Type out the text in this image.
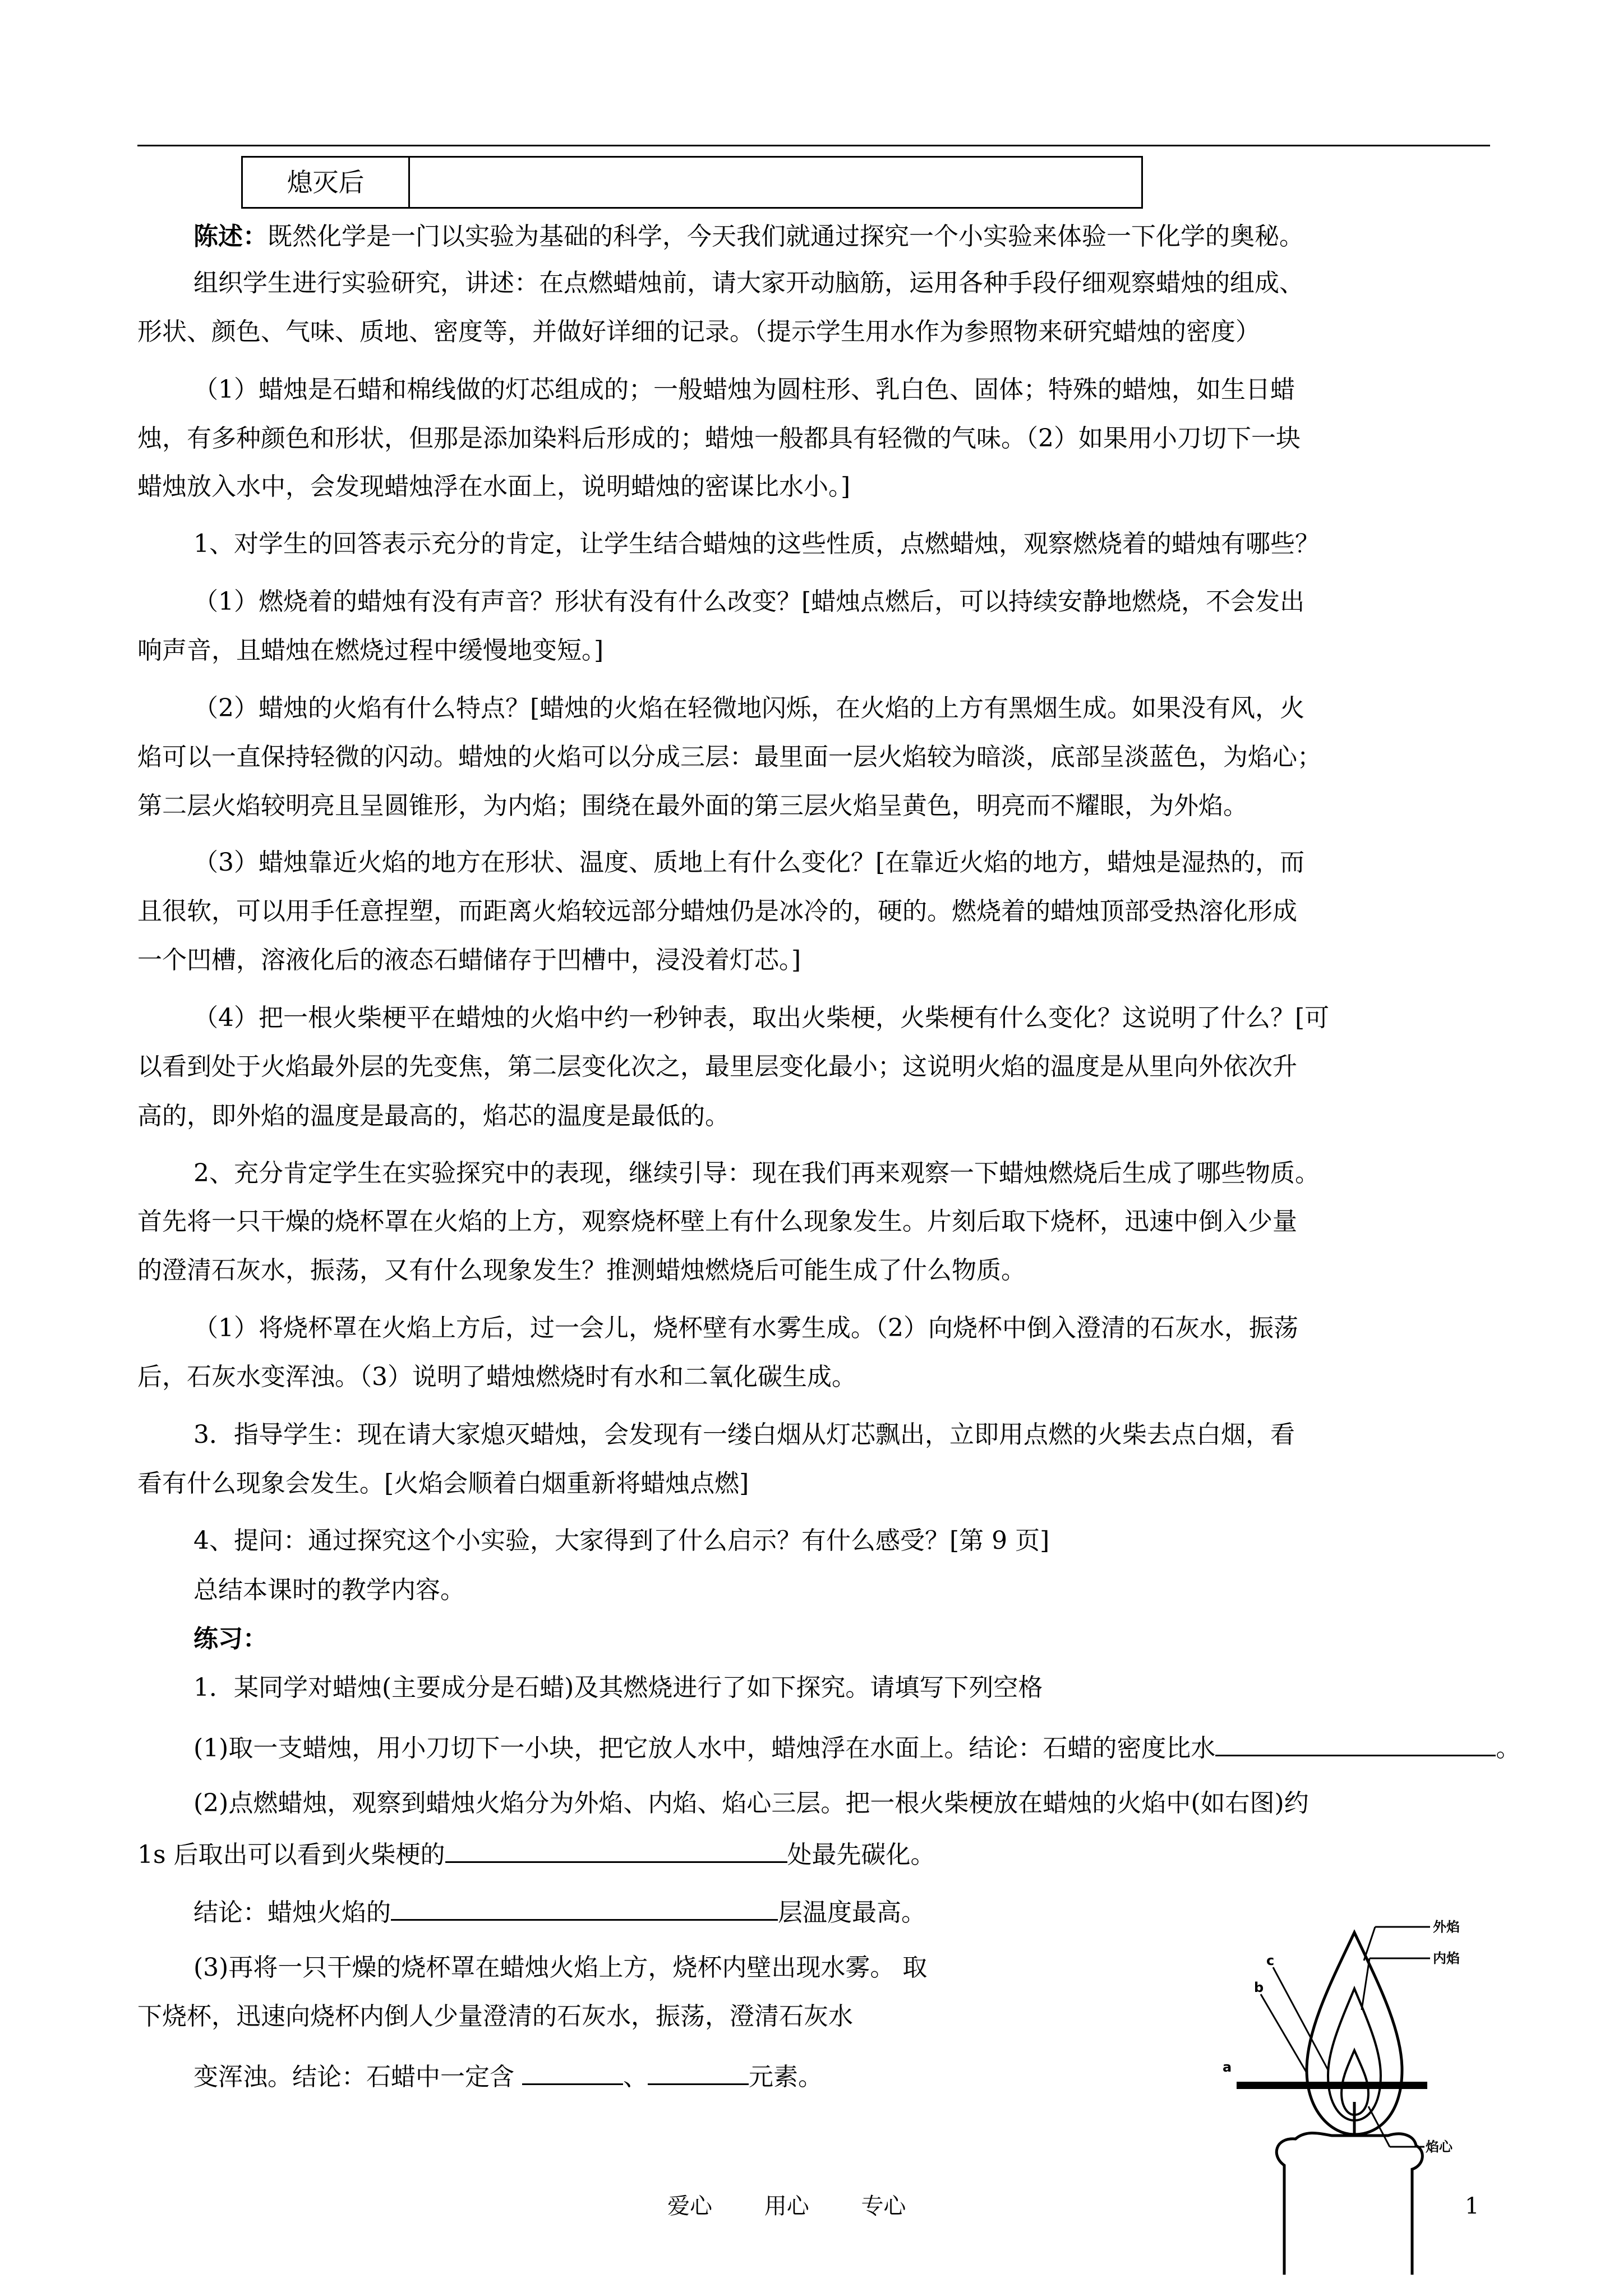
熄灭后
陈述：既然化学是一门以实验为基础的科学，今天我们就通过探究一个小实验来体验一下化学的奥秘。
组织学生进行实验研究，讲述：在点燃蜡烛前，请大家开动脑筋，运用各种手段仔细观察蜡烛的组成、
形状、颜色、气味、质地、密度等，并做好详细的记录。（提示学生用水作为参照物来研究蜡烛的密度）
（1）蜡烛是石蜡和棉线做的灯芯组成的；一般蜡烛为圆柱形、乳白色、固体；特殊的蜡烛，如生日蜡
烛，有多种颜色和形状，但那是添加染料后形成的；蜡烛一般都具有轻微的气味。（2）如果用小刀切下一块
蜡烛放入水中，会发现蜡烛浮在水面上，说明蜡烛的密谋比水小。]
1、对学生的回答表示充分的肯定，让学生结合蜡烛的这些性质，点燃蜡烛，观察燃烧着的蜡烛有哪些？
（1）燃烧着的蜡烛有没有声音？形状有没有什么改变？[蜡烛点燃后，可以持续安静地燃烧，不会发出
响声音，且蜡烛在燃烧过程中缓慢地变短。]
（2）蜡烛的火焰有什么特点？[蜡烛的火焰在轻微地闪烁，在火焰的上方有黑烟生成。如果没有风，火
焰可以一直保持轻微的闪动。蜡烛的火焰可以分成三层：最里面一层火焰较为暗淡，底部呈淡蓝色，为焰心；
第二层火焰较明亮且呈圆锥形，为内焰；围绕在最外面的第三层火焰呈黄色，明亮而不耀眼，为外焰。
（3）蜡烛靠近火焰的地方在形状、温度、质地上有什么变化？[在靠近火焰的地方，蜡烛是湿热的，而
且很软，可以用手任意捏塑，而距离火焰较远部分蜡烛仍是冰冷的，硬的。燃烧着的蜡烛顶部受热溶化形成
一个凹槽，溶液化后的液态石蜡储存于凹槽中，浸没着灯芯。]
（4）把一根火柴梗平在蜡烛的火焰中约一秒钟表，取出火柴梗，火柴梗有什么变化？这说明了什么？[可
以看到处于火焰最外层的先变焦，第二层变化次之，最里层变化最小；这说明火焰的温度是从里向外依次升
高的，即外焰的温度是最高的，焰芯的温度是最低的。
2、充分肯定学生在实验探究中的表现，继续引导：现在我们再来观察一下蜡烛燃烧后生成了哪些物质。
首先将一只干燥的烧杯罩在火焰的上方，观察烧杯壁上有什么现象发生。片刻后取下烧杯，迅速中倒入少量
的澄清石灰水，振荡，又有什么现象发生？推测蜡烛燃烧后可能生成了什么物质。
（1）将烧杯罩在火焰上方后，过一会儿，烧杯壁有水雾生成。（2）向烧杯中倒入澄清的石灰水，振荡
后，石灰水变浑浊。（3）说明了蜡烛燃烧时有水和二氧化碳生成。
3．指导学生：现在请大家熄灭蜡烛，会发现有一缕白烟从灯芯飘出，立即用点燃的火柴去点白烟，看
看有什么现象会发生。[火焰会顺着白烟重新将蜡烛点燃]
4、提问：通过探究这个小实验，大家得到了什么启示？有什么感受？[第 9 页]
总结本课时的教学内容。
练习：
1．某同学对蜡烛(主要成分是石蜡)及其燃烧进行了如下探究。请填写下列空格
(1)取一支蜡烛，用小刀切下一小块，把它放人水中，蜡烛浮在水面上。结论：石蜡的密度比水	。
(2)点燃蜡烛，观察到蜡烛火焰分为外焰、内焰、焰心三层。把一根火柴梗放在蜡烛的火焰中(如右图)约
1s 后取出可以看到火柴梗的	处最先碳化。
结论：蜡烛火焰的	层温度最高。
(3)再将一只干燥的烧杯罩在蜡烛火焰上方，烧杯内壁出现水雾。 取
下烧杯，迅速向烧杯内倒人少量澄清的石灰水，振荡，澄清石灰水
变浑浊。结论：石蜡中一定含	、	元素。
外焰
内焰
焰心
c
b
a
爱心 用心 专心	1
